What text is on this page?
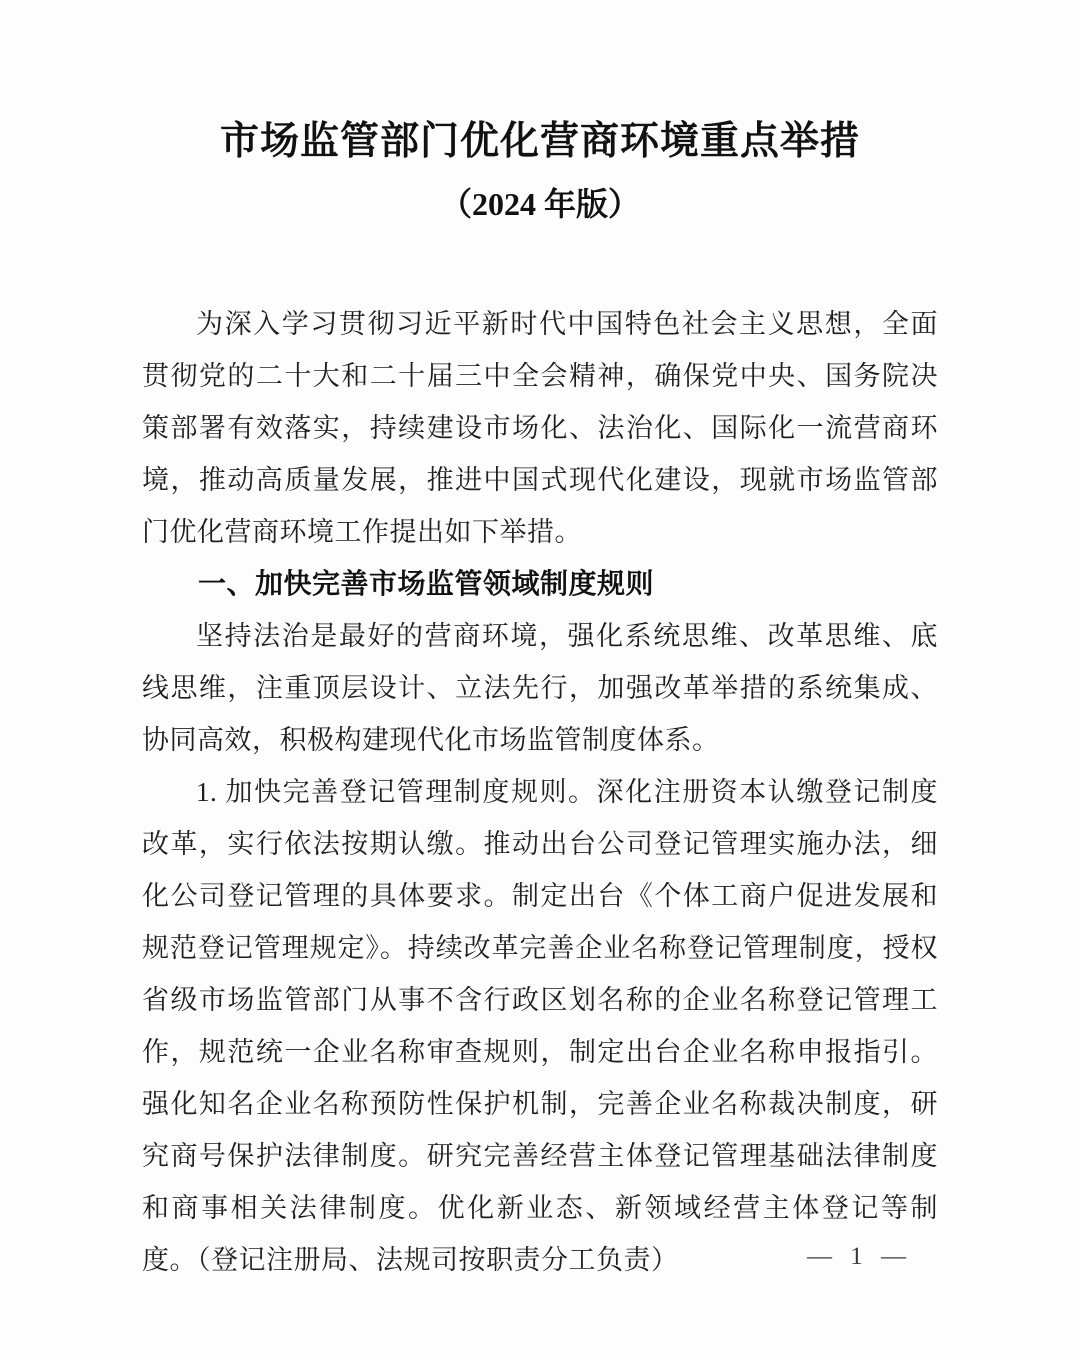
市场监管部门优化营商环境重点举措
（2024 年版）

为深入学习贯彻习近平新时代中国特色社会主义思想，全面贯彻党的二十大和二十届三中全会精神，确保党中央、国务院决策部署有效落实，持续建设市场化、法治化、国际化一流营商环境，推动高质量发展，推进中国式现代化建设，现就市场监管部门优化营商环境工作提出如下举措。

一、加快完善市场监管领域制度规则

坚持法治是最好的营商环境，强化系统思维、改革思维、底线思维，注重顶层设计、立法先行，加强改革举措的系统集成、协同高效，积极构建现代化市场监管制度体系。

1. 加快完善登记管理制度规则。深化注册资本认缴登记制度改革，实行依法按期认缴。推动出台公司登记管理实施办法，细化公司登记管理的具体要求。制定出台《个体工商户促进发展和规范登记管理规定》。持续改革完善企业名称登记管理制度，授权省级市场监管部门从事不含行政区划名称的企业名称登记管理工作，规范统一企业名称审查规则，制定出台企业名称申报指引。强化知名企业名称预防性保护机制，完善企业名称裁决制度，研究商号保护法律制度。研究完善经营主体登记管理基础法律制度和商事相关法律制度。优化新业态、新领域经营主体登记等制度。（登记注册局、法规司按职责分工负责）	— 1 —
